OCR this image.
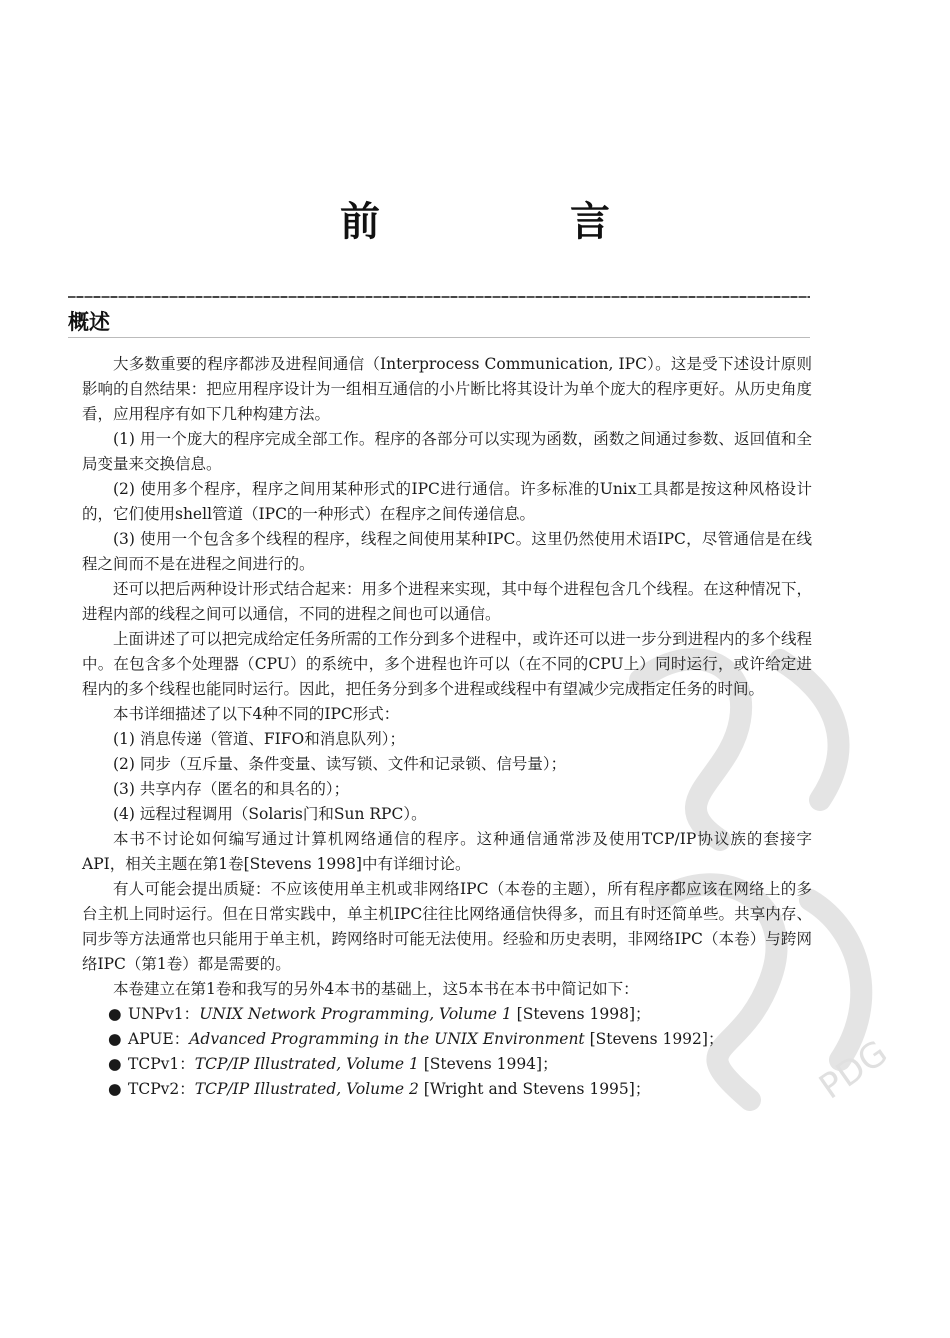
前 言
概述
PDG

大多数重要的程序都涉及进程间通信（Interprocess Communication, IPC）。这是受下述设计原则影响的自然结果：把应用程序设计为一组相互通信的小片断比将其设计为单个庞大的程序更好。从历史角度看，应用程序有如下几种构建方法。

(1) 用一个庞大的程序完成全部工作。程序的各部分可以实现为函数，函数之间通过参数、返回值和全局变量来交换信息。

(2) 使用多个程序，程序之间用某种形式的IPC进行通信。许多标准的Unix工具都是按这种风格设计的，它们使用shell管道（IPC的一种形式）在程序之间传递信息。

(3) 使用一个包含多个线程的程序，线程之间使用某种IPC。这里仍然使用术语IPC，尽管通信是在线程之间而不是在进程之间进行的。

还可以把后两种设计形式结合起来：用多个进程来实现，其中每个进程包含几个线程。在这种情况下，进程内部的线程之间可以通信，不同的进程之间也可以通信。

上面讲述了可以把完成给定任务所需的工作分到多个进程中，或许还可以进一步分到进程内的多个线程中。在包含多个处理器（CPU）的系统中，多个进程也许可以（在不同的CPU上）同时运行，或许给定进程内的多个线程也能同时运行。因此，把任务分到多个进程或线程中有望减少完成指定任务的时间。

本书详细描述了以下4种不同的IPC形式：

(1) 消息传递（管道、FIFO和消息队列）；
(2) 同步（互斥量、条件变量、读写锁、文件和记录锁、信号量）；
(3) 共享内存（匿名的和具名的）；
(4) 远程过程调用（Solaris门和Sun RPC）。

本书不讨论如何编写通过计算机网络通信的程序。这种通信通常涉及使用TCP/IP协议族的套接字API，相关主题在第1卷[Stevens 1998]中有详细讨论。

有人可能会提出质疑：不应该使用单主机或非网络IPC（本卷的主题），所有程序都应该在网络上的多台主机上同时运行。但在日常实践中，单主机IPC往往比网络通信快得多，而且有时还简单些。共享内存、同步等方法通常也只能用于单主机，跨网络时可能无法使用。经验和历史表明，非网络IPC（本卷）与跨网络IPC（第1卷）都是需要的。

本卷建立在第1卷和我写的另外4本书的基础上，这5本书在本书中简记如下：

● UNPv1：UNIX Network Programming, Volume 1 [Stevens 1998]；
● APUE：Advanced Programming in the UNIX Environment [Stevens 1992]；
● TCPv1：TCP/IP Illustrated, Volume 1 [Stevens 1994]；
● TCPv2：TCP/IP Illustrated, Volume 2 [Wright and Stevens 1995]；
